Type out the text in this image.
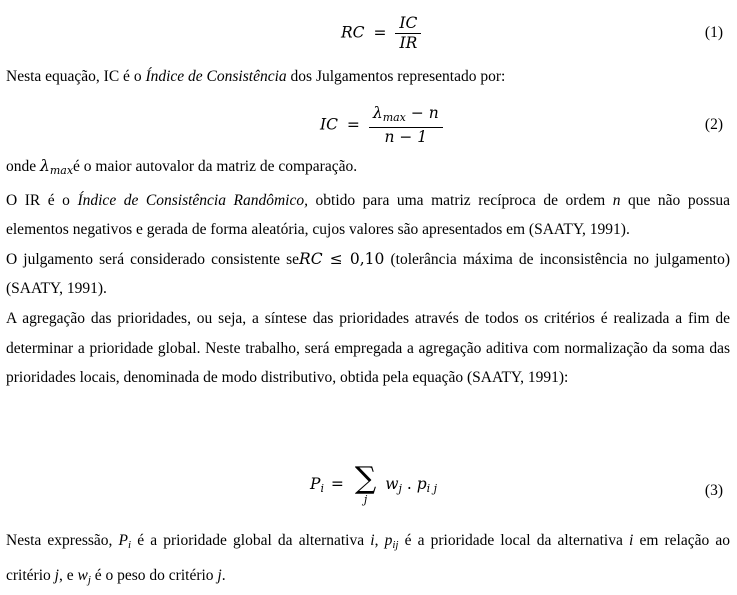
RC = $\frac{IC}{IR}$	(1)

Nesta equação, IC é o Índice de Consistência dos Julgamentos representado por:

IC = $\frac{\lambda_{max} - n}{n - 1}$	(2)

onde $\lambda_{max}é$ o maior autovalor da matriz de comparação.

O IR é o Índice de Consistência Randômico, obtido para uma matriz recíproca de ordem n que não possua elementos negativos e gerada de forma aleatória, cujos valores são apresentados em (SAATY, 1991).

O julgamento será considerado consistente seRC ≤ 0,10 (tolerância máxima de inconsistência no julgamento) (SAATY, 1991).

A agregação das prioridades, ou seja, a síntese das prioridades através de todos os critérios é realizada a fim de determinar a prioridade global. Neste trabalho, será empregada a agregação aditiva com normalização da soma das prioridades locais, denominada de modo distributivo, obtida pela equação (SAATY, 1991):

$P_i$ = ∑
j
$w_j$ . $p_{i j}$	(3)

Nesta expressão, $P_i$ é a prioridade global da alternativa i, $p_{ij}$ é a prioridade local da alternativa i em relação ao critério j, e $w_j$ é o peso do critério j.
